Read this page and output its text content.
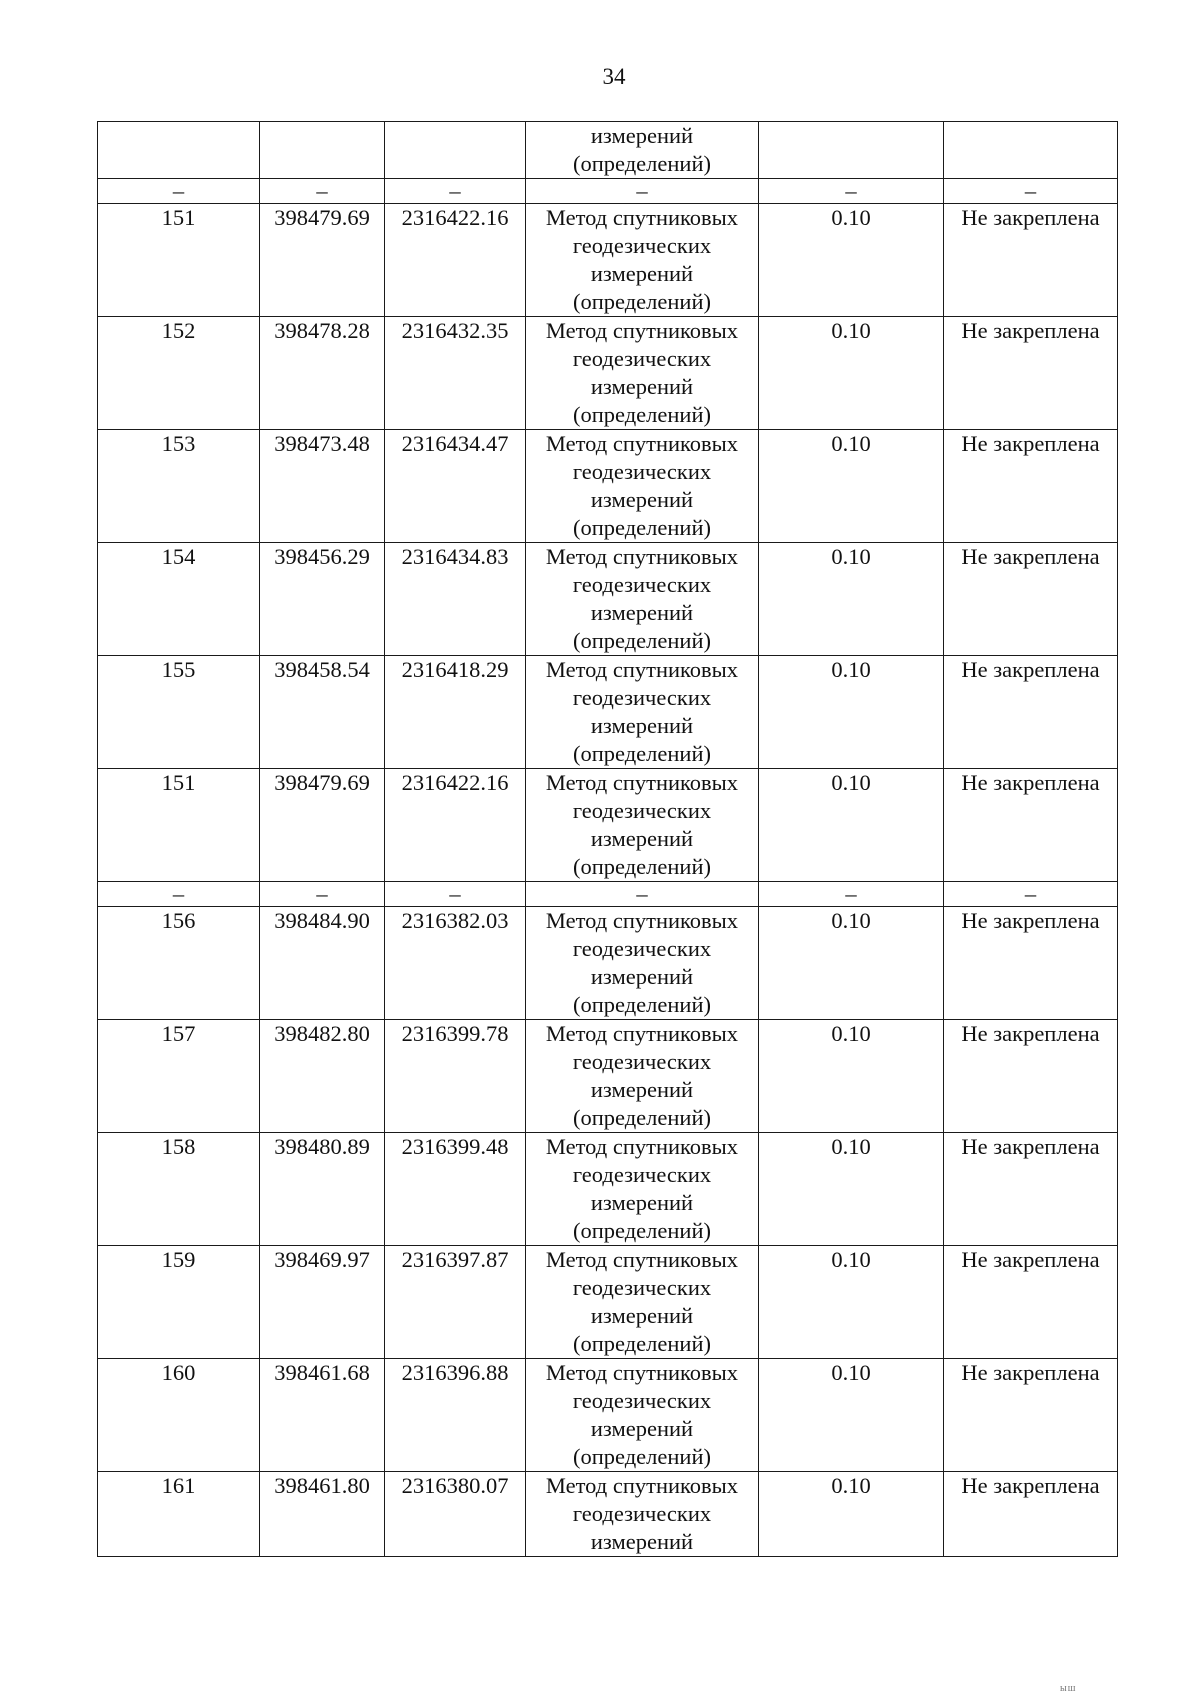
34
			измерений
(определений)		
–	–	–	–	–	–
151	398479.69	2316422.16	Метод спутниковых
геодезических
измерений
(определений)	0.10	Не закреплена
152	398478.28	2316432.35	Метод спутниковых
геодезических
измерений
(определений)	0.10	Не закреплена
153	398473.48	2316434.47	Метод спутниковых
геодезических
измерений
(определений)	0.10	Не закреплена
154	398456.29	2316434.83	Метод спутниковых
геодезических
измерений
(определений)	0.10	Не закреплена
155	398458.54	2316418.29	Метод спутниковых
геодезических
измерений
(определений)	0.10	Не закреплена
151	398479.69	2316422.16	Метод спутниковых
геодезических
измерений
(определений)	0.10	Не закреплена
–	–	–	–	–	–
156	398484.90	2316382.03	Метод спутниковых
геодезических
измерений
(определений)	0.10	Не закреплена
157	398482.80	2316399.78	Метод спутниковых
геодезических
измерений
(определений)	0.10	Не закреплена
158	398480.89	2316399.48	Метод спутниковых
геодезических
измерений
(определений)	0.10	Не закреплена
159	398469.97	2316397.87	Метод спутниковых
геодезических
измерений
(определений)	0.10	Не закреплена
160	398461.68	2316396.88	Метод спутниковых
геодезических
измерений
(определений)	0.10	Не закреплена
161	398461.80	2316380.07	Метод спутниковых
геодезических
измерений	0.10	Не закреплена
ыш
